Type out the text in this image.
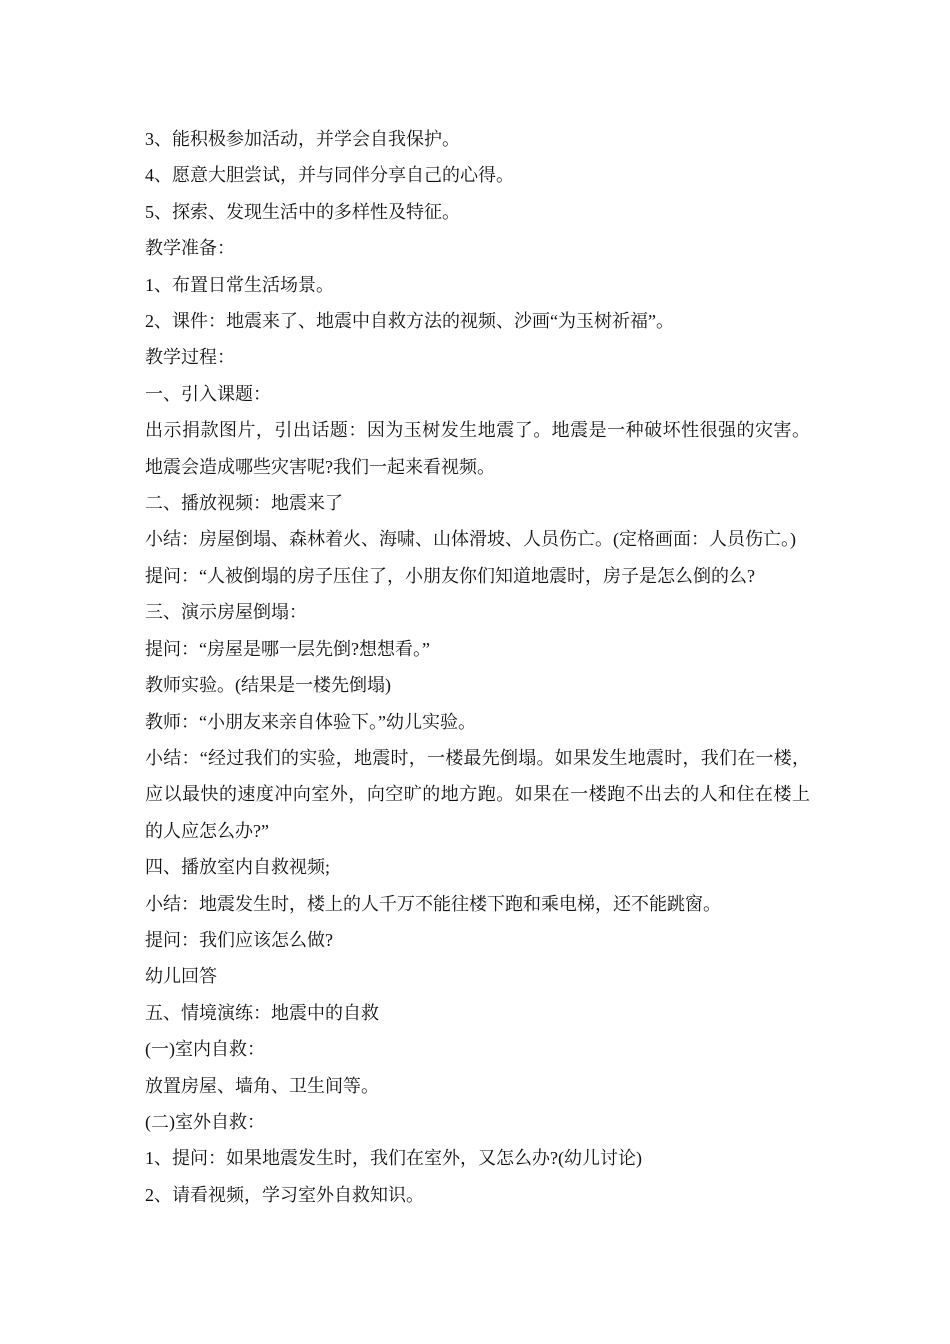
3、能积极参加活动，并学会自我保护。

4、愿意大胆尝试，并与同伴分享自己的心得。

5、探索、发现生活中的多样性及特征。

教学准备：

1、布置日常生活场景。

2、课件：地震来了、地震中自救方法的视频、沙画“为玉树祈福”。

教学过程：

一、引入课题：

出示捐款图片，引出话题：因为玉树发生地震了。地震是一种破坏性很强的灾害。地震会造成哪些灾害呢?我们一起来看视频。

二、播放视频：地震来了

小结：房屋倒塌、森林着火、海啸、山体滑坡、人员伤亡。(定格画面：人员伤亡。)

提问：“人被倒塌的房子压住了，小朋友你们知道地震时，房子是怎么倒的么?

三、演示房屋倒塌：

提问：“房屋是哪一层先倒?想想看。”

教师实验。(结果是一楼先倒塌)

教师：“小朋友来亲自体验下。”幼儿实验。

小结：“经过我们的实验，地震时，一楼最先倒塌。如果发生地震时，我们在一楼，应以最快的速度冲向室外，向空旷的地方跑。如果在一楼跑不出去的人和住在楼上的人应怎么办?”

四、播放室内自救视频;

小结：地震发生时，楼上的人千万不能往楼下跑和乘电梯，还不能跳窗。

提问：我们应该怎么做?

幼儿回答

五、情境演练：地震中的自救

(一)室内自救：

放置房屋、墙角、卫生间等。

(二)室外自救：

1、提问：如果地震发生时，我们在室外，又怎么办?(幼儿讨论)

2、请看视频，学习室外自救知识。
